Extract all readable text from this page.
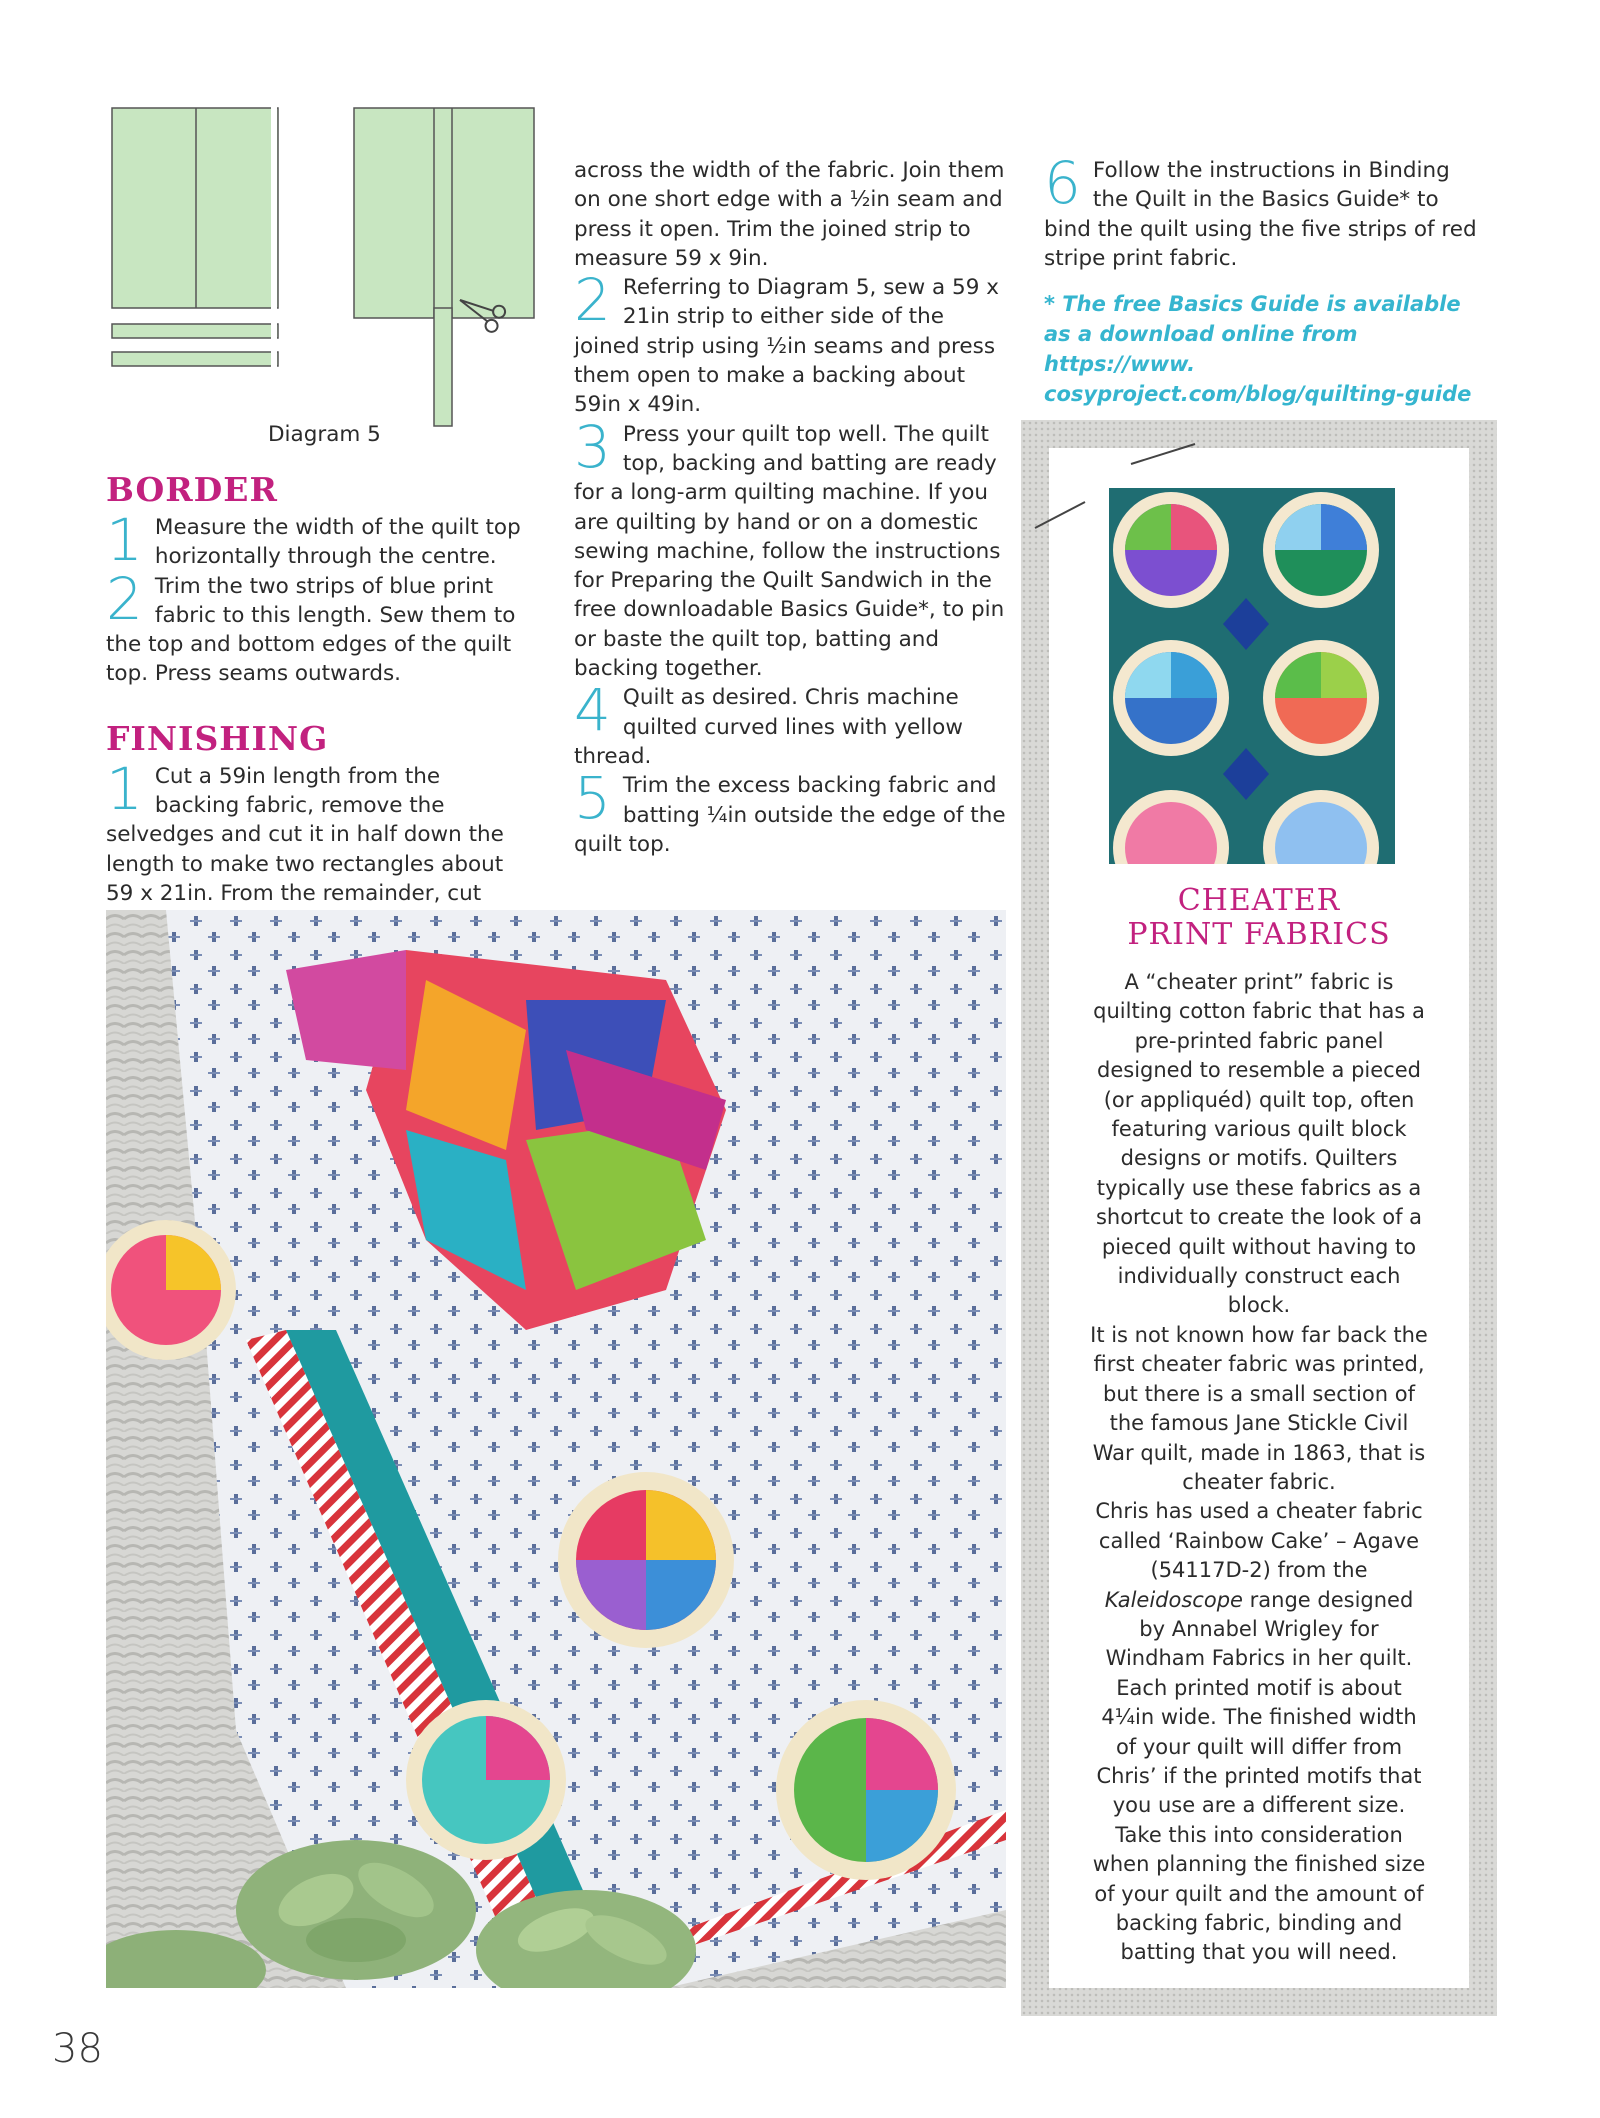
Diagram 5
BORDER
1 Measure the width of the quilt top horizontally through the centre.
2 Trim the two strips of blue print fabric to this length. Sew them to the top and bottom edges of the quilt top. Press seams outwards.
FINISHING
1 Cut a 59in length from the backing fabric, remove the selvedges and cut it in half down the length to make two rectangles about 59 x 21in. From the remainder, cut
across the width of the fabric. Join them on one short edge with a ½in seam and press it open. Trim the joined strip to measure 59 x 9in.
2 Referring to Diagram 5, sew a 59 x 21in strip to either side of the joined strip using ½in seams and press them open to make a backing about 59in x 49in.
3 Press your quilt top well. The quilt top, backing and batting are ready for a long-arm quilting machine. If you are quilting by hand or on a domestic sewing machine, follow the instructions for Preparing the Quilt Sandwich in the free downloadable Basics Guide*, to pin or baste the quilt top, batting and backing together.
4 Quilt as desired. Chris machine quilted curved lines with yellow thread.
5 Trim the excess backing fabric and batting ¼in outside the edge of the quilt top.
6 Follow the instructions in Binding the Quilt in the Basics Guide* to bind the quilt using the five strips of red stripe print fabric.
* The free Basics Guide is available as a download online from https://www. cosyproject.com/blog/quilting-guide
CHEATER
PRINT FABRICS
A “cheater print” fabric is quilting cotton fabric that has a pre-printed fabric panel designed to resemble a pieced (or appliquéd) quilt top, often featuring various quilt block designs or motifs. Quilters typically use these fabrics as a shortcut to create the look of a pieced quilt without having to individually construct each block.
It is not known how far back the first cheater fabric was printed, but there is a small section of the famous Jane Stickle Civil War quilt, made in 1863, that is cheater fabric.
Chris has used a cheater fabric called ‘Rainbow Cake’ – Agave (54117D-2) from the Kaleidoscope range designed by Annabel Wrigley for Windham Fabrics in her quilt. Each printed motif is about 4¼in wide. The finished width of your quilt will differ from Chris’ if the printed motifs that you use are a different size. Take this into consideration when planning the finished size of your quilt and the amount of backing fabric, binding and batting that you will need.
38
